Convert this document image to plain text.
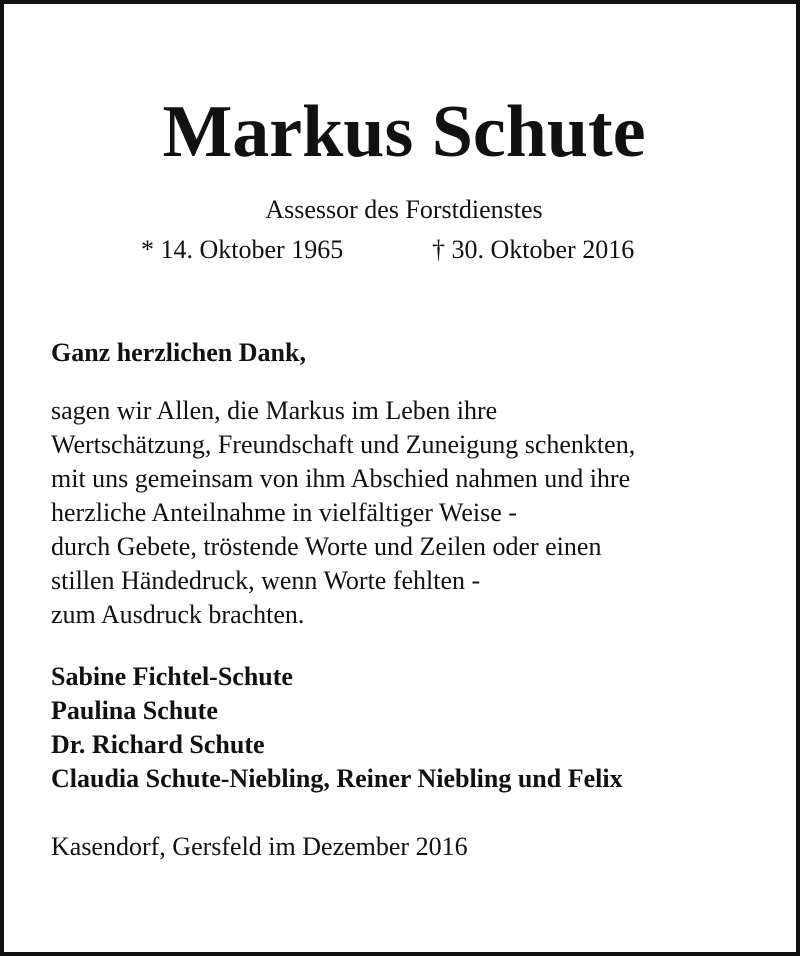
Markus Schute
Assessor des Forstdienstes
* 14. Oktober 1965	† 30. Oktober 2016
Ganz herzlichen Dank,
sagen wir Allen, die Markus im Leben ihre
Wertschätzung, Freundschaft und Zuneigung schenkten,
mit uns gemeinsam von ihm Abschied nahmen und ihre
herzliche Anteilnahme in vielfältiger Weise -
durch Gebete, tröstende Worte und Zeilen oder einen
stillen Händedruck, wenn Worte fehlten -
zum Ausdruck brachten.
Sabine Fichtel-Schute
Paulina Schute
Dr. Richard Schute
Claudia Schute-Niebling, Reiner Niebling und Felix
Kasendorf, Gersfeld im Dezember 2016
